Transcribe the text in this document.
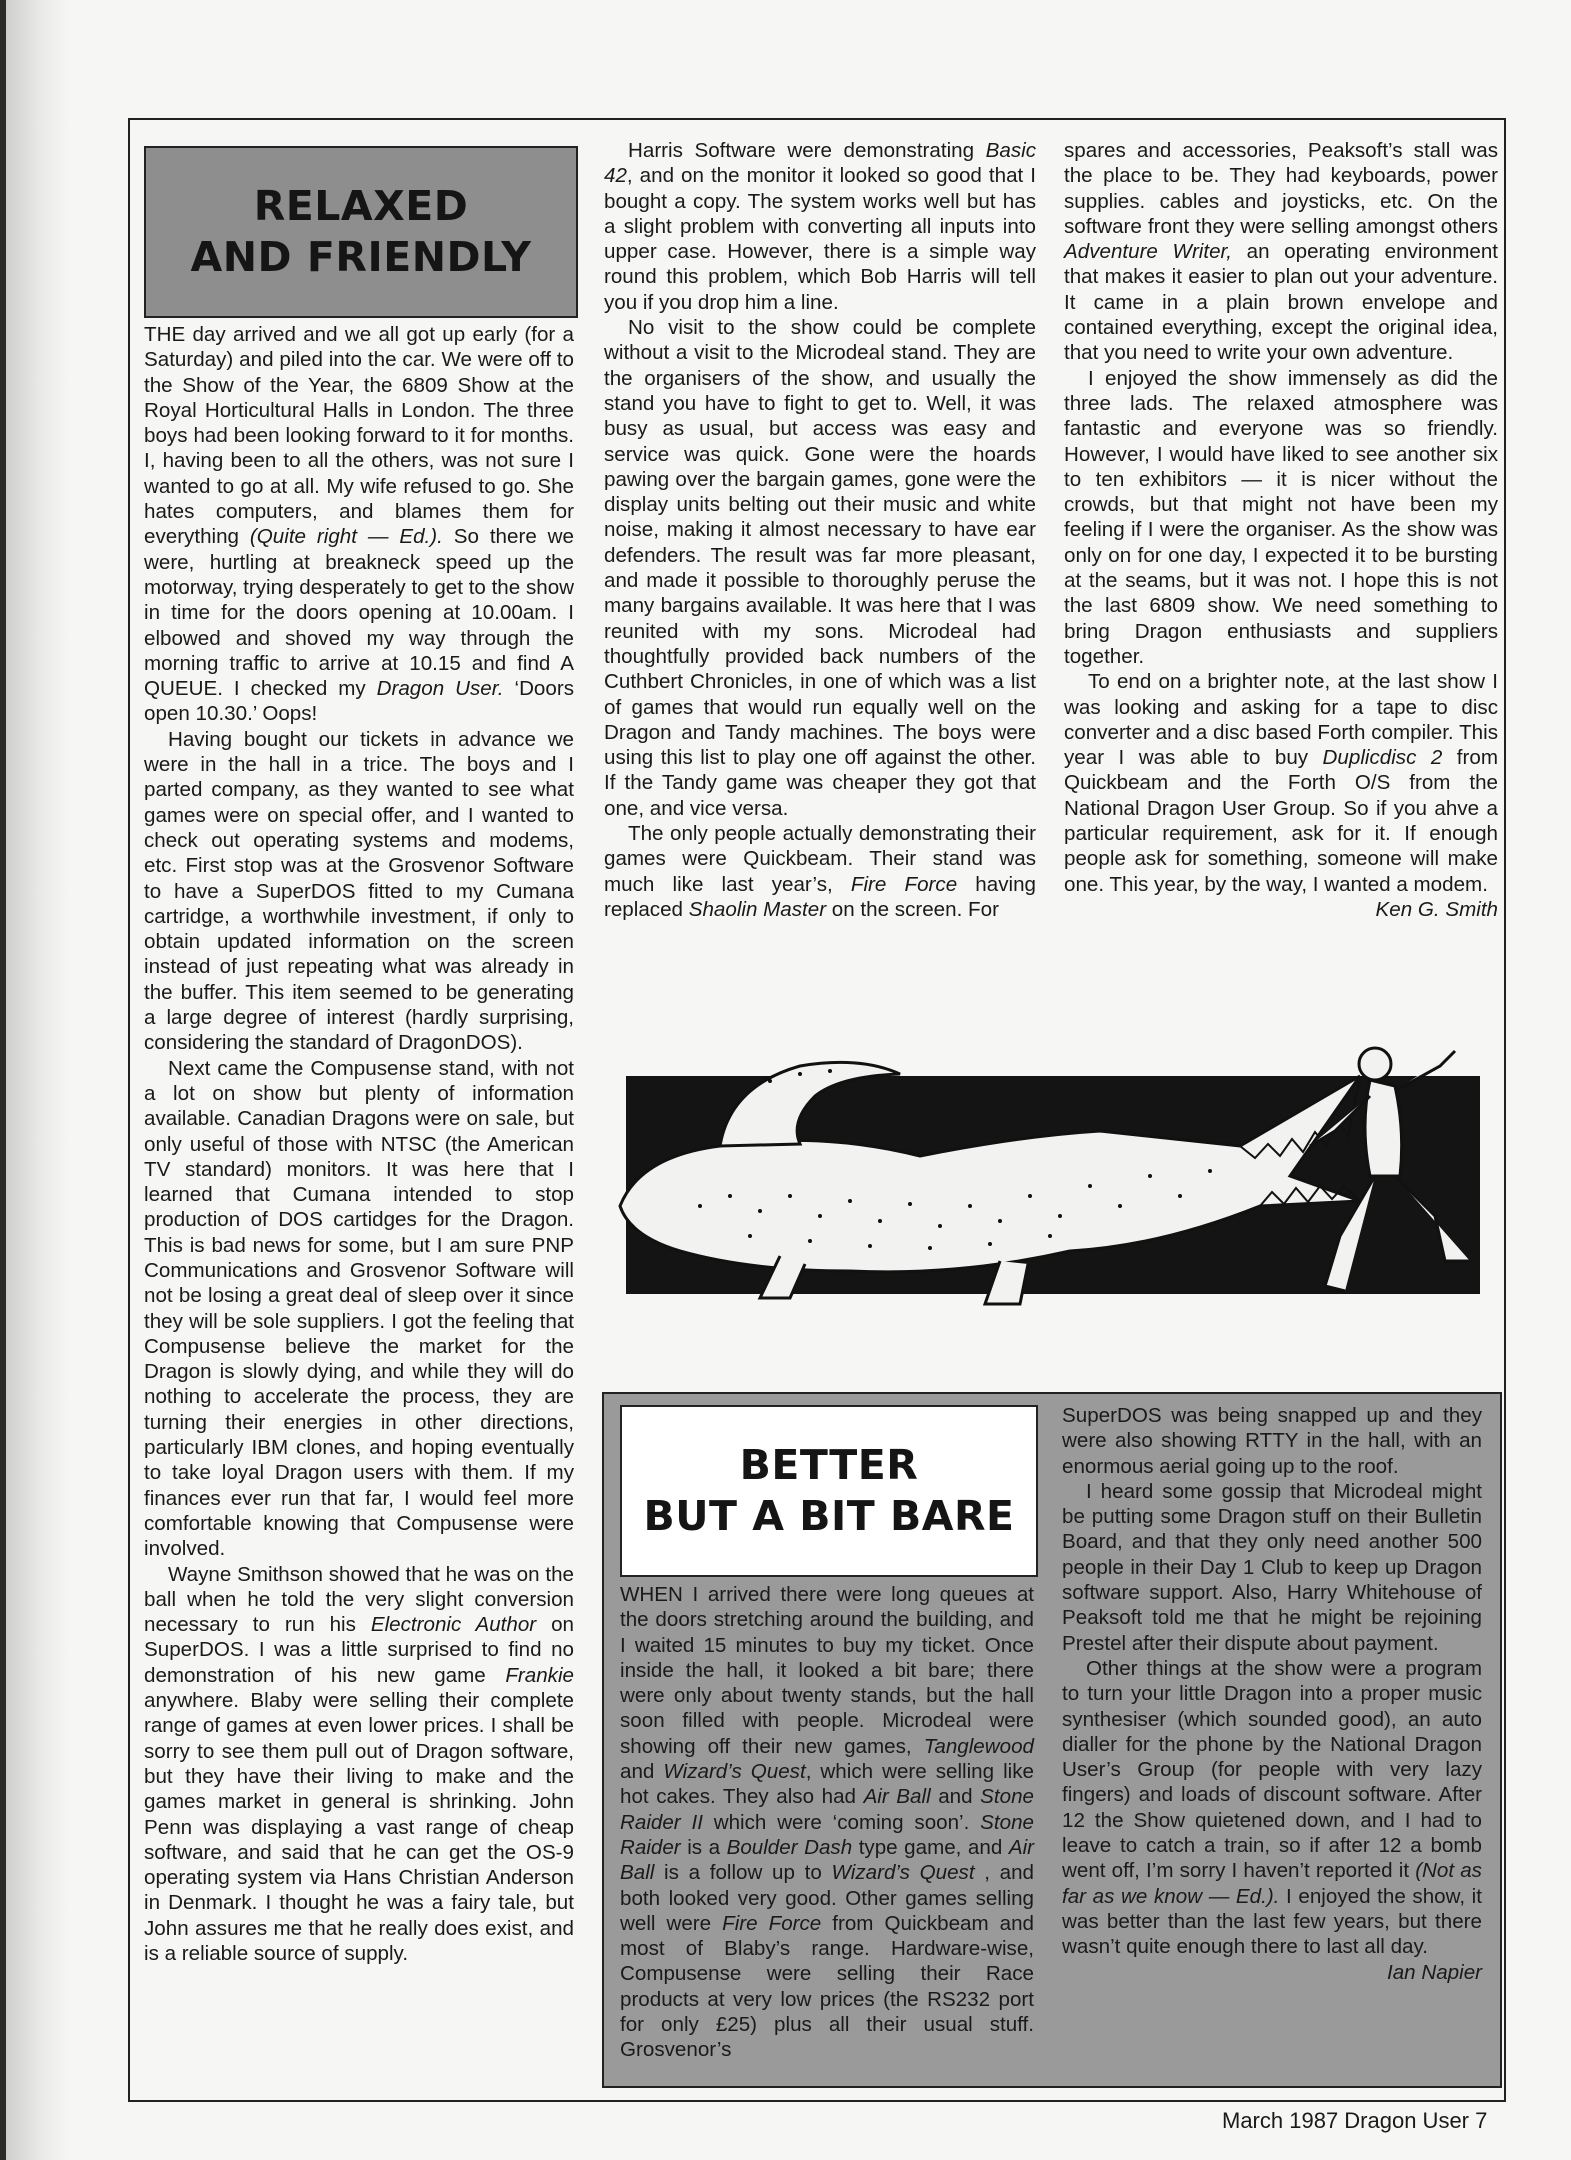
RELAXED
AND FRIENDLY

THE day arrived and we all got up early (for a Saturday) and piled into the car. We were off to the Show of the Year, the 6809 Show at the Royal Horticultural Halls in London. The three boys had been looking forward to it for months. I, having been to all the others, was not sure I wanted to go at all. My wife refused to go. She hates computers, and blames them for everything (Quite right — Ed.). So there we were, hurtling at breakneck speed up the motorway, trying desperately to get to the show in time for the doors opening at 10.00am. I elbowed and shoved my way through the morning traffic to arrive at 10.15 and find A QUEUE. I checked my Dragon User. ‘Doors open 10.30.’ Oops!

Having bought our tickets in advance we were in the hall in a trice. The boys and I parted company, as they wanted to see what games were on special offer, and I wanted to check out operating systems and modems, etc. First stop was at the Grosvenor Software to have a SuperDOS fitted to my Cumana cartridge, a worthwhile investment, if only to obtain updated information on the screen instead of just repeating what was already in the buffer. This item seemed to be generating a large degree of interest (hardly surprising, considering the standard of DragonDOS).

Next came the Compusense stand, with not a lot on show but plenty of information available. Canadian Dragons were on sale, but only useful of those with NTSC (the American TV standard) monitors. It was here that I learned that Cumana intended to stop production of DOS cartidges for the Dragon. This is bad news for some, but I am sure PNP Communications and Grosvenor Software will not be losing a great deal of sleep over it since they will be sole suppliers. I got the feeling that Compusense believe the market for the Dragon is slowly dying, and while they will do nothing to accelerate the process, they are turning their energies in other directions, particularly IBM clones, and hoping eventually to take loyal Dragon users with them. If my finances ever run that far, I would feel more comfortable knowing that Compusense were involved.

Wayne Smithson showed that he was on the ball when he told the very slight conversion necessary to run his Electronic Author on SuperDOS. I was a little surprised to find no demonstration of his new game Frankie anywhere. Blaby were selling their complete range of games at even lower prices. I shall be sorry to see them pull out of Dragon software, but they have their living to make and the games market in general is shrinking. John Penn was displaying a vast range of cheap software, and said that he can get the OS-9 operating system via Hans Christian Anderson in Denmark. I thought he was a fairy tale, but John assures me that he really does exist, and is a reliable source of supply.

Harris Software were demonstrating Basic 42, and on the monitor it looked so good that I bought a copy. The system works well but has a slight problem with converting all inputs into upper case. However, there is a simple way round this problem, which Bob Harris will tell you if you drop him a line.

No visit to the show could be complete without a visit to the Microdeal stand. They are the organisers of the show, and usually the stand you have to fight to get to. Well, it was busy as usual, but access was easy and service was quick. Gone were the hoards pawing over the bargain games, gone were the display units belting out their music and white noise, making it almost necessary to have ear defenders. The result was far more pleasant, and made it possible to thoroughly peruse the many bargains available. It was here that I was reunited with my sons. Microdeal had thoughtfully provided back numbers of the Cuthbert Chronicles, in one of which was a list of games that would run equally well on the Dragon and Tandy machines. The boys were using this list to play one off against the other. If the Tandy game was cheaper they got that one, and vice versa.

The only people actually demonstrating their games were Quickbeam. Their stand was much like last year’s, Fire Force having replaced Shaolin Master on the screen. For

spares and accessories, Peaksoft’s stall was the place to be. They had keyboards, power supplies. cables and joysticks, etc. On the software front they were selling amongst others Adventure Writer, an operating environment that makes it easier to plan out your adventure. It came in a plain brown envelope and contained everything, except the original idea, that you need to write your own adventure.

I enjoyed the show immensely as did the three lads. The relaxed atmosphere was fantastic and everyone was so friendly. However, I would have liked to see another six to ten exhibitors — it is nicer without the crowds, but that might not have been my feeling if I were the organiser. As the show was only on for one day, I expected it to be bursting at the seams, but it was not. I hope this is not the last 6809 show. We need something to bring Dragon enthusiasts and suppliers together.

To end on a brighter note, at the last show I was looking and asking for a tape to disc converter and a disc based Forth compiler. This year I was able to buy Duplicdisc 2 from Quickbeam and the Forth O/S from the National Dragon User Group. So if you ahve a particular requirement, ask for it. If enough people ask for something, someone will make one. This year, by the way, I wanted a modem.

Ken G. Smith

BETTER
BUT A BIT BARE

WHEN I arrived there were long queues at the doors stretching around the building, and I waited 15 minutes to buy my ticket. Once inside the hall, it looked a bit bare; there were only about twenty stands, but the hall soon filled with people. Microdeal were showing off their new games, Tanglewood and Wizard’s Quest, which were selling like hot cakes. They also had Air Ball and Stone Raider II which were ‘coming soon’. Stone Raider is a Boulder Dash type game, and Air Ball is a follow up to Wizard’s Quest , and both looked very good. Other games selling well were Fire Force from Quickbeam and most of Blaby’s range. Hardware-wise, Compusense were selling their Race products at very low prices (the RS232 port for only £25) plus all their usual stuff. Grosvenor’s

SuperDOS was being snapped up and they were also showing RTTY in the hall, with an enormous aerial going up to the roof.

I heard some gossip that Microdeal might be putting some Dragon stuff on their Bulletin Board, and that they only need another 500 people in their Day 1 Club to keep up Dragon software support. Also, Harry Whitehouse of Peaksoft told me that he might be rejoining Prestel after their dispute about payment.

Other things at the show were a program to turn your little Dragon into a proper music synthesiser (which sounded good), an auto dialler for the phone by the National Dragon User’s Group (for people with very lazy fingers) and loads of discount software. After 12 the Show quietened down, and I had to leave to catch a train, so if after 12 a bomb went off, I’m sorry I haven’t reported it (Not as far as we know — Ed.). I enjoyed the show, it was better than the last few years, but there wasn’t quite enough there to last all day.

Ian Napier

March 1987 Dragon User 7
